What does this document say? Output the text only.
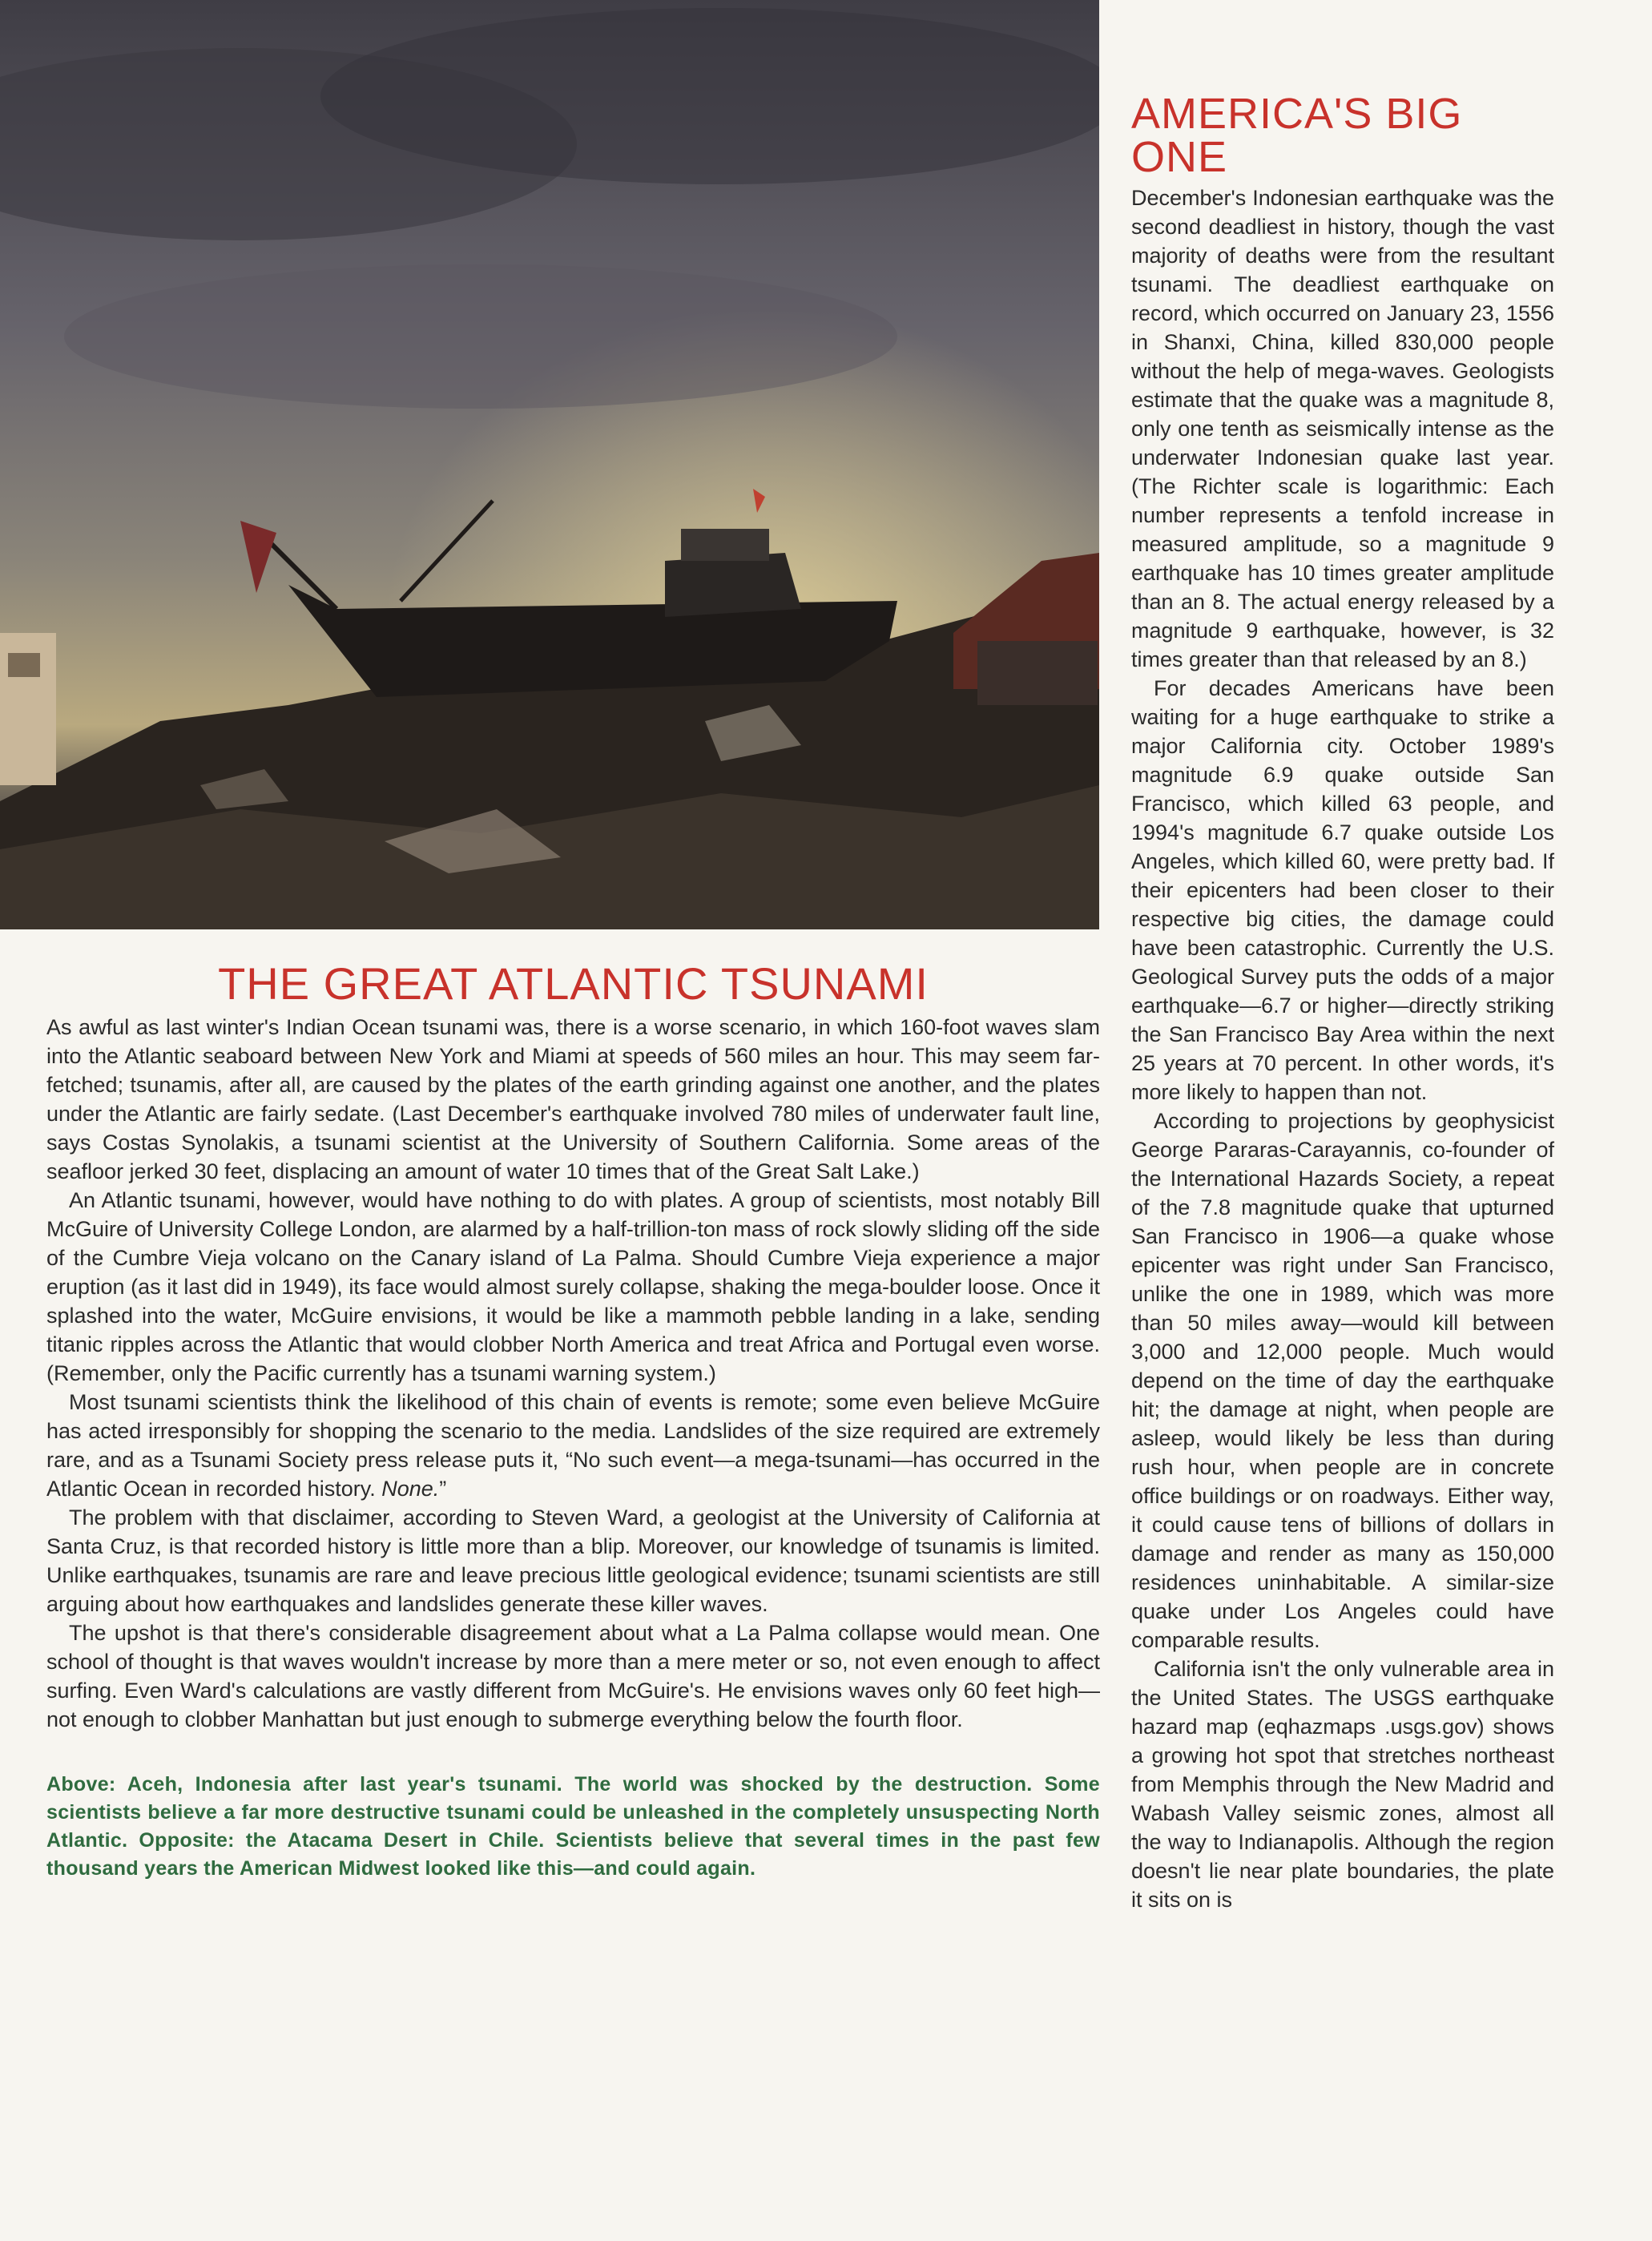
THE GREAT ATLANTIC TSUNAMI

As awful as last winter's Indian Ocean tsunami was, there is a worse scenario, in which 160-foot waves slam into the Atlantic seaboard between New York and Miami at speeds of 560 miles an hour. This may seem far-fetched; tsunamis, after all, are caused by the plates of the earth grinding against one another, and the plates under the Atlantic are fairly sedate. (Last December's earthquake involved 780 miles of underwater fault line, says Costas Synolakis, a tsunami scientist at the University of Southern California. Some areas of the seafloor jerked 30 feet, displacing an amount of water 10 times that of the Great Salt Lake.)

An Atlantic tsunami, however, would have nothing to do with plates. A group of scientists, most notably Bill McGuire of University College London, are alarmed by a half-trillion-ton mass of rock slowly sliding off the side of the Cumbre Vieja volcano on the Canary island of La Palma. Should Cumbre Vieja experience a major eruption (as it last did in 1949), its face would almost surely collapse, shaking the mega-boulder loose. Once it splashed into the water, McGuire envisions, it would be like a mammoth pebble landing in a lake, sending titanic ripples across the Atlantic that would clobber North America and treat Africa and Portugal even worse. (Remember, only the Pacific currently has a tsunami warning system.)

Most tsunami scientists think the likelihood of this chain of events is remote; some even believe McGuire has acted irresponsibly for shopping the scenario to the media. Landslides of the size required are extremely rare, and as a Tsunami Society press release puts it, “No such event—a mega-tsunami—has occurred in the Atlantic Ocean in recorded history. None.”

The problem with that disclaimer, according to Steven Ward, a geologist at the University of California at Santa Cruz, is that recorded history is little more than a blip. Moreover, our knowledge of tsunamis is limited. Unlike earthquakes, tsunamis are rare and leave precious little geological evidence; tsunami scientists are still arguing about how earthquakes and landslides generate these killer waves.

The upshot is that there's considerable disagreement about what a La Palma collapse would mean. One school of thought is that waves wouldn't increase by more than a mere meter or so, not even enough to affect surfing. Even Ward's calculations are vastly different from McGuire's. He envisions waves only 60 feet high—not enough to clobber Manhattan but just enough to submerge everything below the fourth floor.

Above: Aceh, Indonesia after last year's tsunami. The world was shocked by the destruction. Some scientists believe a far more destructive tsunami could be unleashed in the completely unsuspecting North Atlantic. Opposite: the Atacama Desert in Chile. Scientists believe that several times in the past few thousand years the American Midwest looked like this—and could again.
AMERICA'S BIG ONE

December's Indonesian earthquake was the second deadliest in history, though the vast majority of deaths were from the resultant tsunami. The deadliest earthquake on record, which occurred on January 23, 1556 in Shanxi, China, killed 830,000 people without the help of mega-waves. Geologists estimate that the quake was a magnitude 8, only one tenth as seismically intense as the underwater Indonesian quake last year. (The Richter scale is logarithmic: Each number represents a tenfold increase in measured amplitude, so a magnitude 9 earthquake has 10 times greater amplitude than an 8. The actual energy released by a magnitude 9 earthquake, however, is 32 times greater than that released by an 8.)

For decades Americans have been waiting for a huge earthquake to strike a major California city. October 1989's magnitude 6.9 quake outside San Francisco, which killed 63 people, and 1994's magnitude 6.7 quake outside Los Angeles, which killed 60, were pretty bad. If their epicenters had been closer to their respective big cities, the damage could have been catastrophic. Currently the U.S. Geological Survey puts the odds of a major earthquake—6.7 or higher—directly striking the San Francisco Bay Area within the next 25 years at 70 percent. In other words, it's more likely to happen than not.

According to projections by geophysicist George Pararas-Carayannis, co-founder of the International Hazards Society, a repeat of the 7.8 magnitude quake that upturned San Francisco in 1906—a quake whose epicenter was right under San Francisco, unlike the one in 1989, which was more than 50 miles away—would kill between 3,000 and 12,000 people. Much would depend on the time of day the earthquake hit; the damage at night, when people are asleep, would likely be less than during rush hour, when people are in concrete office buildings or on roadways. Either way, it could cause tens of billions of dollars in damage and render as many as 150,000 residences uninhabitable. A similar-size quake under Los Angeles could have comparable results.

California isn't the only vulnerable area in the United States. The USGS earthquake hazard map (eqhazmaps .usgs.gov) shows a growing hot spot that stretches northeast from Memphis through the New Madrid and Wabash Valley seismic zones, almost all the way to Indianapolis. Although the region doesn't lie near plate boundaries, the plate it sits on is
